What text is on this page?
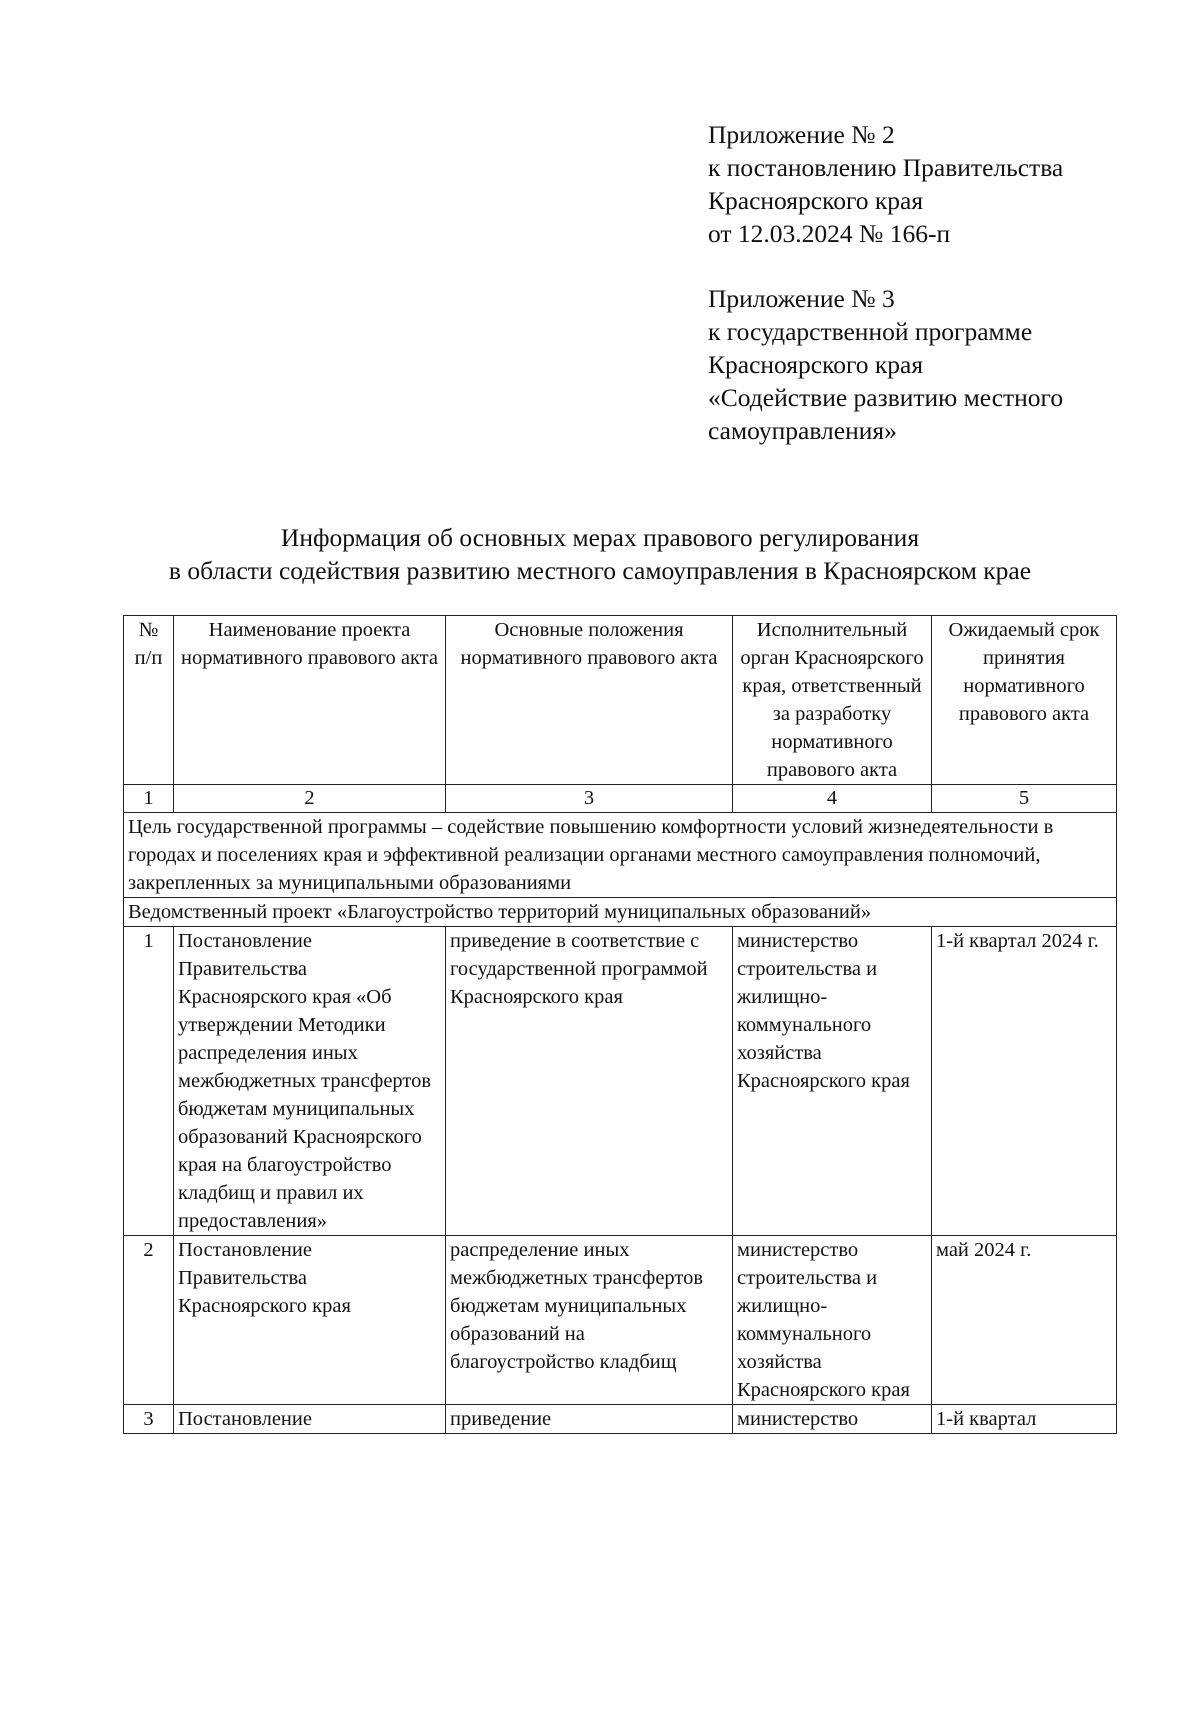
Приложение № 2
к постановлению Правительства
Красноярского края
от 12.03.2024 № 166-п
Приложение № 3
к государственной программе
Красноярского края
«Содействие развитию местного
самоуправления»
Информация об основных мерах правового регулирования
в области содействия развитию местного самоуправления в Красноярском крае
№ п/п	Наименование проекта нормативного правового акта	Основные положения нормативного правового акта	Исполнительный орган Красноярского края, ответственный за разработку нормативного правового акта	Ожидаемый срок принятия нормативного правового акта
1	2	3	4	5
Цель государственной программы – содействие повышению комфортности условий жизнедеятельности в городах и поселениях края и эффективной реализации органами местного самоуправления полномочий, закрепленных за муниципальными образованиями				
Ведомственный проект «Благоустройство территорий муниципальных образований»				
1	Постановление Правительства Красноярского края «Об утверждении Методики распределения иных межбюджетных трансфертов бюджетам муниципальных образований Красноярского края на благоустройство кладбищ и правил их предоставления»	приведение в соответствие с государственной программой Красноярского края	министерство строительства и жилищно-коммунального хозяйства Красноярского края	1-й квартал 2024 г.
2	Постановление Правительства Красноярского края	распределение иных межбюджетных трансфертов бюджетам муниципальных образований на благоустройство кладбищ	министерство строительства и жилищно-коммунального хозяйства Красноярского края	май 2024 г.
3	Постановление	приведение	министерство	1-й квартал
